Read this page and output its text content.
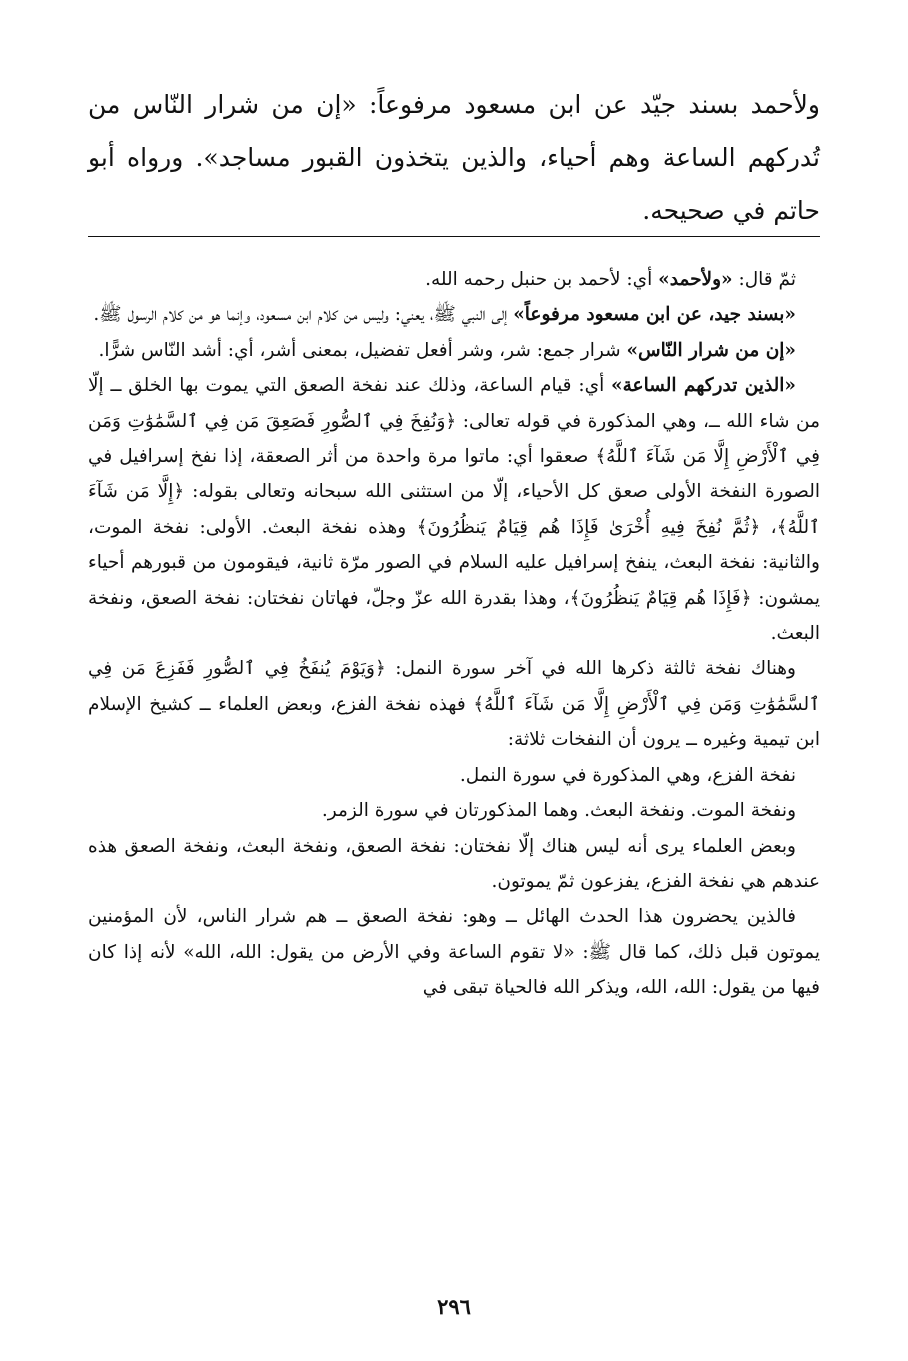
ولأحمد بسند جيّد عن ابن مسعود مرفوعاً: «إن من شرار النّاس من تُدركهم الساعة وهم أحياء، والذين يتخذون القبور مساجد». ورواه أبو حاتم في صحيحه.

ثمّ قال: «ولأحمد» أي: لأحمد بن حنبل رحمه الله.

«بسند جيد، عن ابن مسعود مرفوعاً» إلى النبي ﷺ، يعني: وليس من كلام ابن مسعود، وإنما هو من كلام الرسول ﷺ.

«إن من شرار النّاس» شرار جمع: شر، وشر أفعل تفضيل، بمعنى أشر، أي: أشد النّاس شرًّا.

«الذين تدركهم الساعة» أي: قيام الساعة، وذلك عند نفخة الصعق التي يموت بها الخلق ــ إلّا من شاء الله ــ، وهي المذكورة في قوله تعالى: ﴿وَنُفِخَ فِي ٱلصُّورِ فَصَعِقَ مَن فِي ٱلسَّمَٰوَٰتِ وَمَن فِي ٱلْأَرْضِ إِلَّا مَن شَآءَ ٱللَّهُ﴾ صعقوا أي: ماتوا مرة واحدة من أثر الصعقة، إذا نفخ إسرافيل في الصورة النفخة الأولى صعق كل الأحياء، إلّا من استثنى الله سبحانه وتعالى بقوله: ﴿إِلَّا مَن شَآءَ ٱللَّهُ﴾، ﴿ثُمَّ نُفِخَ فِيهِ أُخْرَىٰ فَإِذَا هُم قِيَامٌ يَنظُرُونَ﴾ وهذه نفخة البعث. الأولى: نفخة الموت، والثانية: نفخة البعث، ينفخ إسرافيل عليه السلام في الصور مرّة ثانية، فيقومون من قبورهم أحياء يمشون: ﴿فَإِذَا هُم قِيَامٌ يَنظُرُونَ﴾، وهذا بقدرة الله عزّ وجلّ، فهاتان نفختان: نفخة الصعق، ونفخة البعث.

وهناك نفخة ثالثة ذكرها الله في آخر سورة النمل: ﴿وَيَوْمَ يُنفَخُ فِي ٱلصُّورِ فَفَزِعَ مَن فِي ٱلسَّمَٰوَٰتِ وَمَن فِي ٱلْأَرْضِ إِلَّا مَن شَآءَ ٱللَّهُ﴾ فهذه نفخة الفزع، وبعض العلماء ــ كشيخ الإسلام ابن تيمية وغيره ــ يرون أن النفخات ثلاثة:

نفخة الفزع، وهي المذكورة في سورة النمل.

ونفخة الموت. ونفخة البعث. وهما المذكورتان في سورة الزمر.

وبعض العلماء يرى أنه ليس هناك إلّا نفختان: نفخة الصعق، ونفخة البعث، ونفخة الصعق هذه عندهم هي نفخة الفزع، يفزعون ثمّ يموتون.

فالذين يحضرون هذا الحدث الهائل ــ وهو: نفخة الصعق ــ هم شرار الناس، لأن المؤمنين يموتون قبل ذلك، كما قال ﷺ: «لا تقوم الساعة وفي الأرض من يقول: الله، الله» لأنه إذا كان فيها من يقول: الله، الله، ويذكر الله فالحياة تبقى في

٢٩٦
